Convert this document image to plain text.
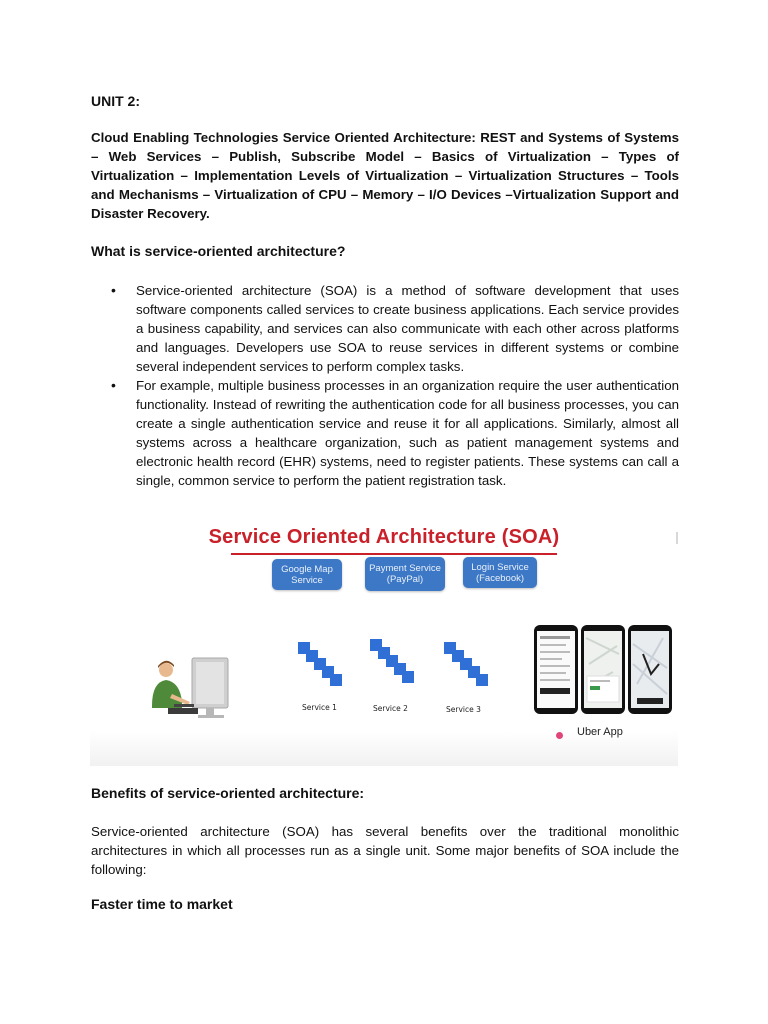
UNIT 2:
Cloud Enabling Technologies Service Oriented Architecture: REST and Systems of Systems – Web Services – Publish, Subscribe Model – Basics of Virtualization – Types of Virtualization – Implementation Levels of Virtualization – Virtualization Structures – Tools and Mechanisms – Virtualization of CPU – Memory – I/O Devices –Virtualization Support and Disaster Recovery.
What is service-oriented architecture?
• Service-oriented architecture (SOA) is a method of software development that uses software components called services to create business applications. Each service provides a business capability, and services can also communicate with each other across platforms and languages. Developers use SOA to reuse services in different systems or combine several independent services to perform complex tasks.
• For example, multiple business processes in an organization require the user authentication functionality. Instead of rewriting the authentication code for all business processes, you can create a single authentication service and reuse it for all applications. Similarly, almost all systems across a healthcare organization, such as patient management systems and electronic health record (EHR) systems, need to register patients. These systems can call a single, common service to perform the patient registration task.
Service Oriented Architecture (SOA)
Google Map Service
Payment Service (PayPal)
Login Service (Facebook)
Service 1	Service 2	Service 3
Uber App
Benefits of service-oriented architecture:
Service-oriented architecture (SOA) has several benefits over the traditional monolithic architectures in which all processes run as a single unit. Some major benefits of SOA include the following:
Faster time to market
